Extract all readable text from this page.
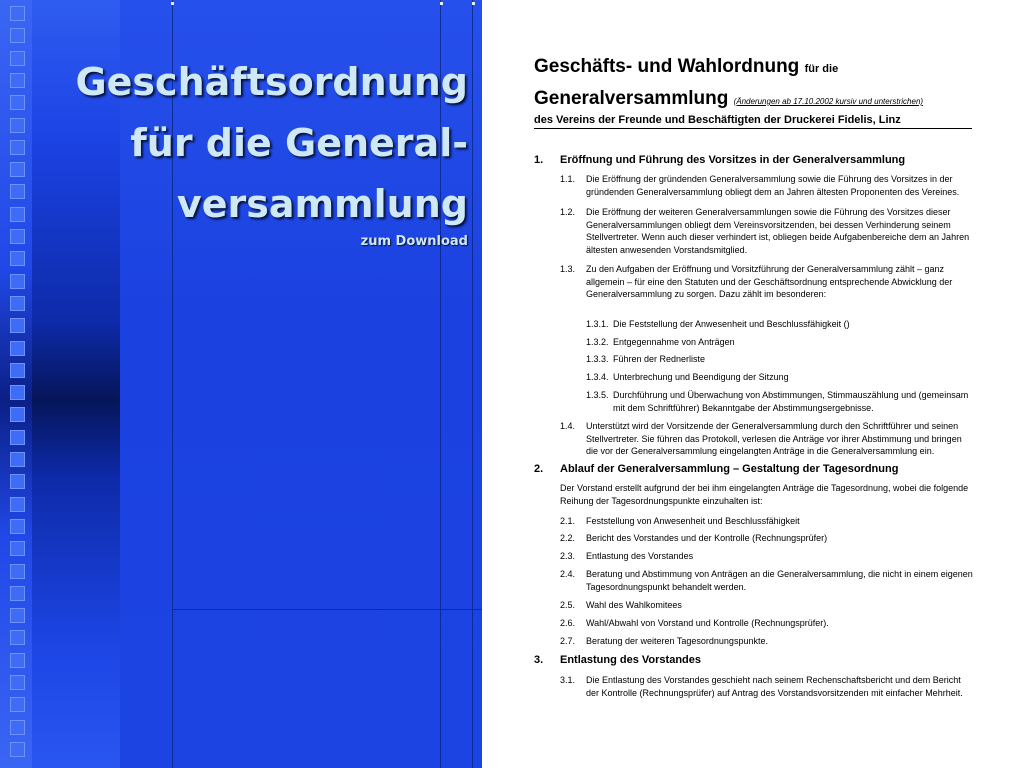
Geschäftsordnung
für die General-
versammlung
zum Download
Geschäfts- und Wahlordnung für die
Generalversammlung (Änderungen ab 17.10.2002 kursiv und unterstrichen)
des Vereins der Freunde und Beschäftigten der Druckerei Fidelis, Linz
1. Eröffnung und Führung des Vorsitzes in der Generalversammlung
1.1. Die Eröffnung der gründenden Generalversammlung sowie die Führung des Vorsitzes in der gründenden Generalversammlung obliegt dem an Jahren ältesten Proponenten des Vereines.
1.2. Die Eröffnung der weiteren Generalversammlungen sowie die Führung des Vorsitzes dieser Generalversammlungen obliegt dem Vereinsvorsitzenden, bei dessen Verhinderung seinem Stellvertreter. Wenn auch dieser verhindert ist, obliegen beide Aufgabenbereiche dem an Jahren ältesten anwesenden Vorstandsmitglied.
1.3. Zu den Aufgaben der Eröffnung und Vorsitzführung der Generalversammlung zählt – ganz allgemein – für eine den Statuten und der Geschäftsordnung entsprechende Abwicklung der Generalversammlung zu sorgen. Dazu zählt im besonderen:
1.3.1. Die Feststellung der Anwesenheit und Beschlussfähigkeit ()
1.3.2. Entgegennahme von Anträgen
1.3.3. Führen der Rednerliste
1.3.4. Unterbrechung und Beendigung der Sitzung
1.3.5. Durchführung und Überwachung von Abstimmungen, Stimmauszählung und (gemeinsam mit dem Schriftführer) Bekanntgabe der Abstimmungsergebnisse.
1.4. Unterstützt wird der Vorsitzende der Generalversammlung durch den Schriftführer und seinen Stellvertreter. Sie führen das Protokoll, verlesen die Anträge vor ihrer Abstimmung und bringen die vor der Generalversammlung eingelangten Anträge in die Generalversammlung ein.
2. Ablauf der Generalversammlung – Gestaltung der Tagesordnung
Der Vorstand erstellt aufgrund der bei ihm eingelangten Anträge die Tagesordnung, wobei die folgende Reihung der Tagesordnungspunkte einzuhalten ist:
2.1. Feststellung von Anwesenheit und Beschlussfähigkeit
2.2. Bericht des Vorstandes und der Kontrolle (Rechnungsprüfer)
2.3. Entlastung des Vorstandes
2.4. Beratung und Abstimmung von Anträgen an die Generalversammlung, die nicht in einem eigenen Tagesordnungspunkt behandelt werden.
2.5. Wahl des Wahlkomitees
2.6. Wahl/Abwahl von Vorstand und Kontrolle (Rechnungsprüfer).
2.7. Beratung der weiteren Tagesordnungspunkte.
3. Entlastung des Vorstandes
3.1. Die Entlastung des Vorstandes geschieht nach seinem Rechenschaftsbericht und dem Bericht der Kontrolle (Rechnungsprüfer) auf Antrag des Vorstandsvorsitzenden mit einfacher Mehrheit.
